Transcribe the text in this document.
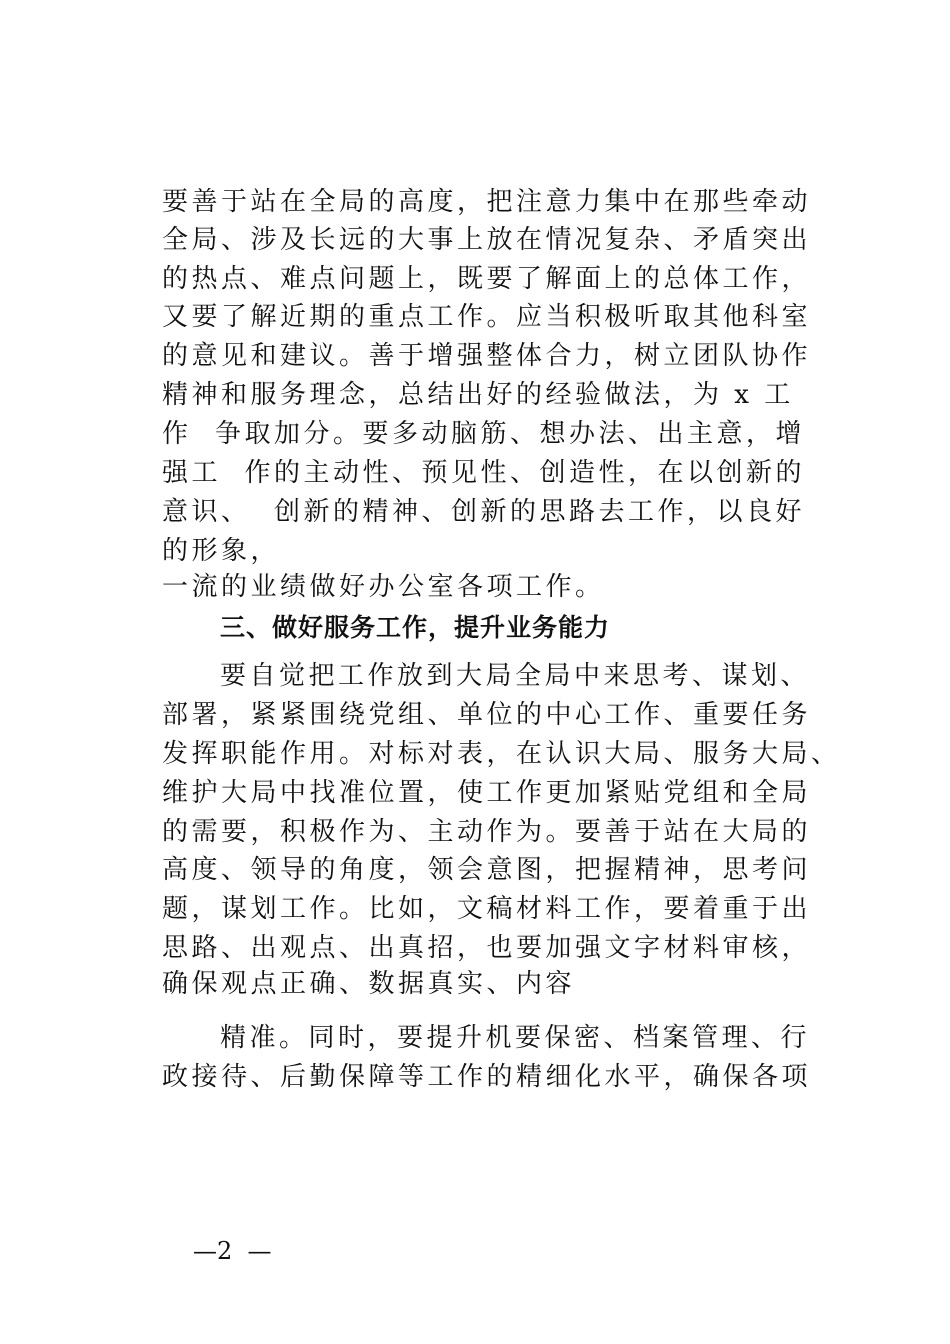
要善于站在全局的高度，把注意力集中在那些牵动
全局、涉及长远的大事上放在情况复杂、矛盾突出
的热点、难点问题上，既要了解面上的总体工作，
又要了解近期的重点工作。应当积极听取其他科室
的意见和建议。善于增强整体合力，树立团队协作
精神和服务理念，总结出好的经验做法，为 x 工
作  争取加分。要多动脑筋、想办法、出主意，增
强工  作的主动性、预见性、创造性，在以创新的
意识、  创新的精神、创新的思路去工作，以良好
的形象，
一流的业绩做好办公室各项工作。
三、做好服务工作，提升业务能力
要自觉把工作放到大局全局中来思考、谋划、
部署，紧紧围绕党组、单位的中心工作、重要任务
发挥职能作用。对标对表，在认识大局、服务大局、
维护大局中找准位置，使工作更加紧贴党组和全局
的需要，积极作为、主动作为。要善于站在大局的
高度、领导的角度，领会意图，把握精神，思考问
题，谋划工作。比如，文稿材料工作，要着重于出
思路、出观点、出真招，也要加强文字材料审核，
确保观点正确、数据真实、内容
精准。同时，要提升机要保密、档案管理、行
政接待、后勤保障等工作的精细化水平，确保各项
—2  —
